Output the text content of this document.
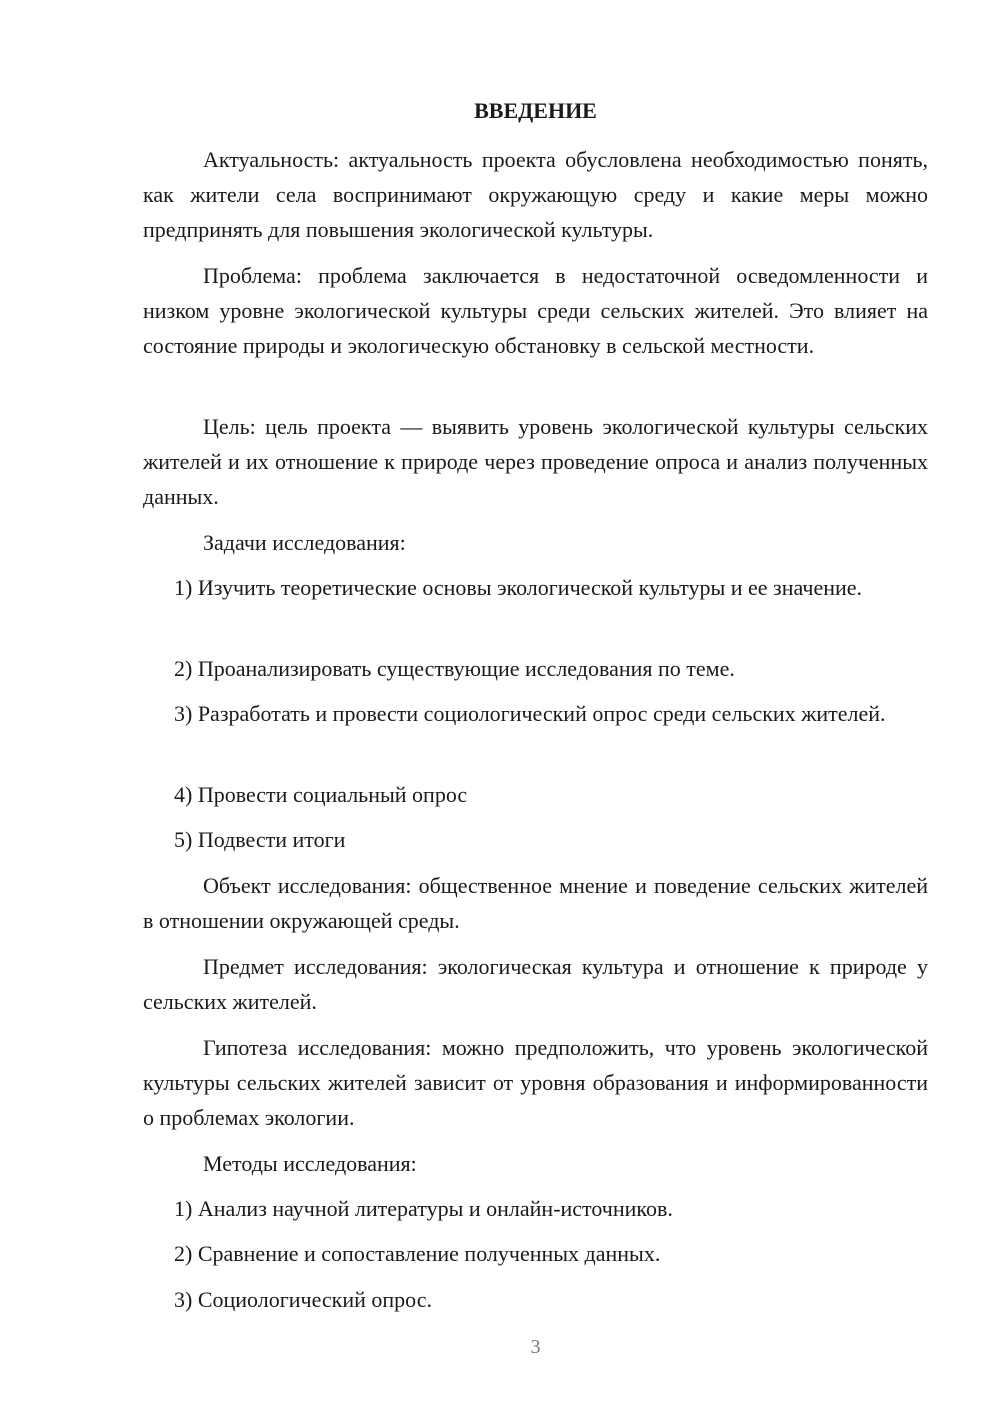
ВВЕДЕНИЕ

Актуальность: актуальность проекта обусловлена необходимостью понять, как жители села воспринимают окружающую среду и какие меры можно предпринять для повышения экологической культуры.

Проблема: проблема заключается в недостаточной осведомленности и низком уровне экологической культуры среди сельских жителей. Это влияет на состояние природы и экологическую обстановку в сельской местности.

Цель: цель проекта — выявить уровень экологической культуры сельских жителей и их отношение к природе через проведение опроса и анализ полученных данных.

Задачи исследования:

1) Изучить теоретические основы экологической культуры и ее значение.

2) Проанализировать существующие исследования по теме.

3) Разработать и провести социологический опрос среди сельских жителей.

4) Провести социальный опрос

5) Подвести итоги

Объект исследования: общественное мнение и поведение сельских жителей в отношении окружающей среды.

Предмет исследования: экологическая культура и отношение к природе у сельских жителей.

Гипотеза исследования: можно предположить, что уровень экологической культуры сельских жителей зависит от уровня образования и информированности о проблемах экологии.

Методы исследования:

1) Анализ научной литературы и онлайн-источников.

2) Сравнение и сопоставление полученных данных.

3) Социологический опрос.

3
